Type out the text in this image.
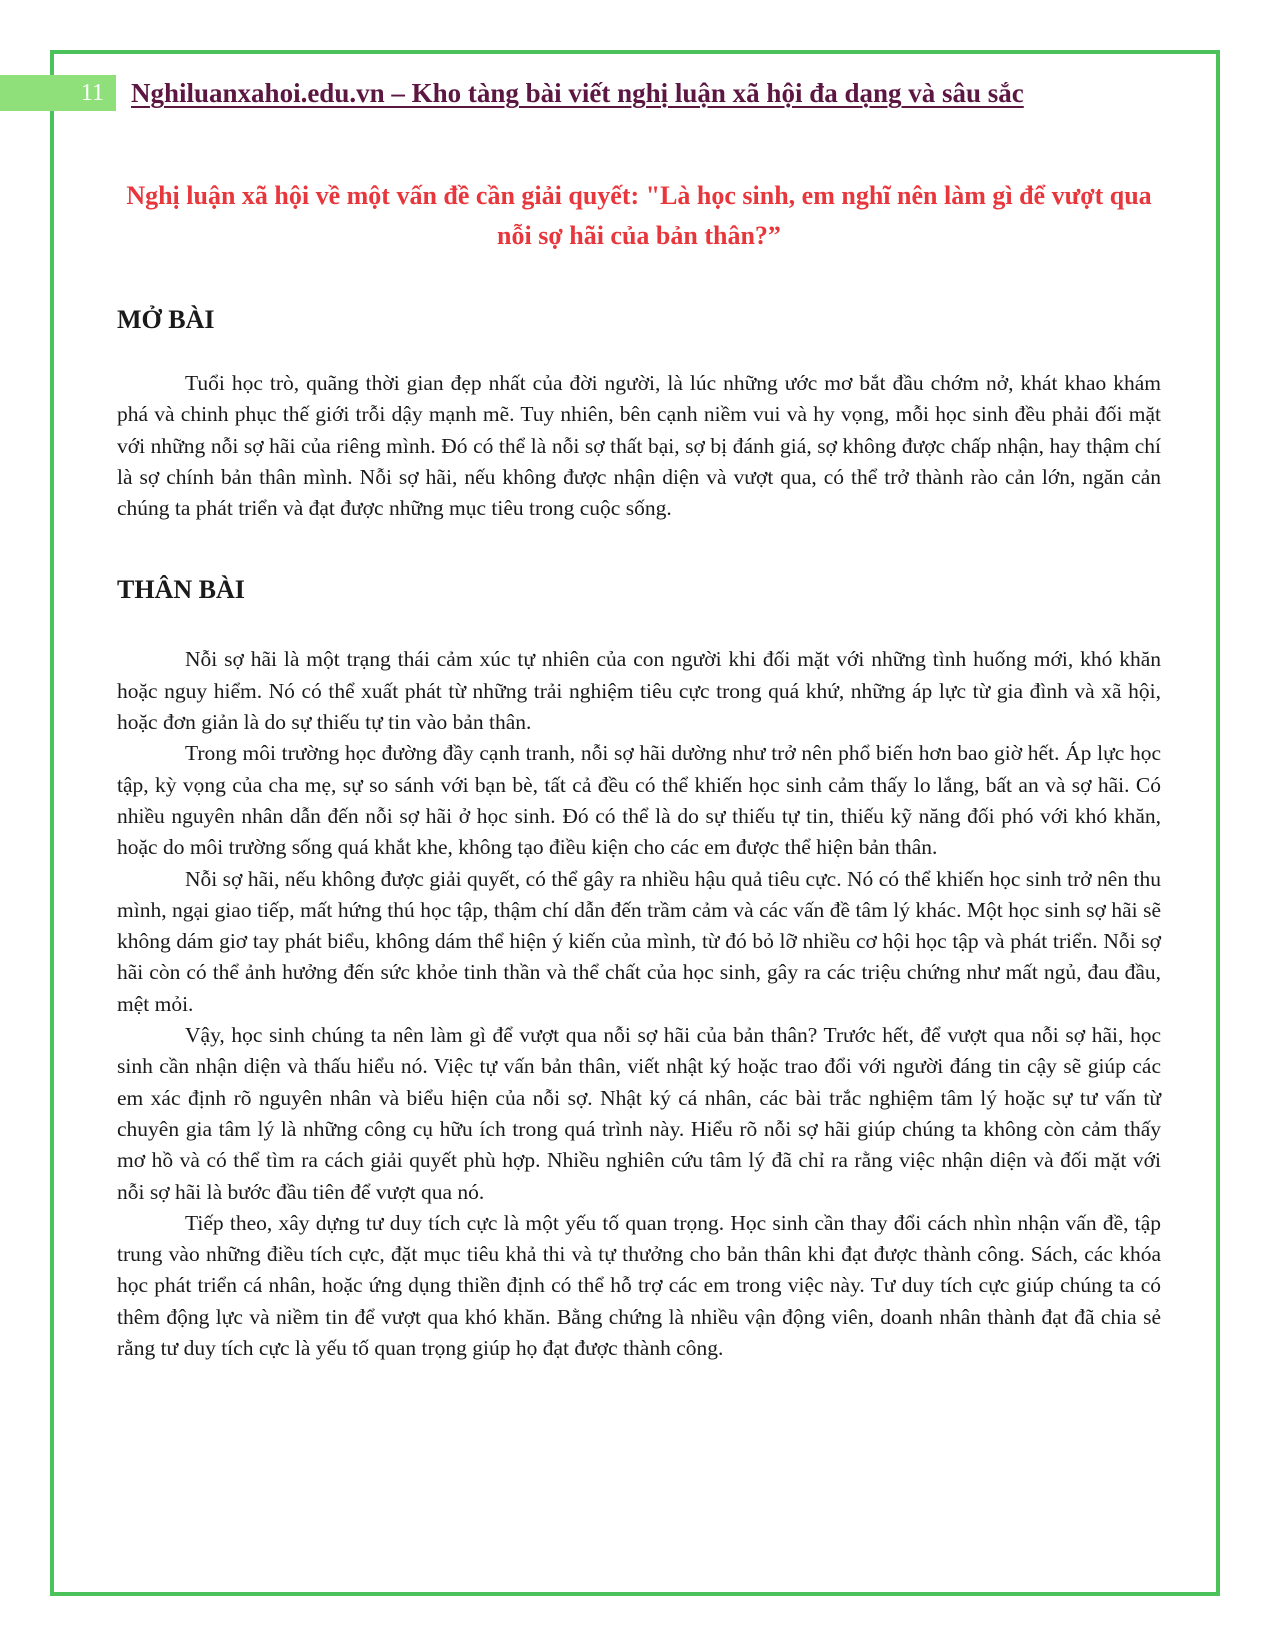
11	Nghiluanxahoi.edu.vn – Kho tàng bài viết nghị luận xã hội đa dạng và sâu sắc
Nghị luận xã hội về một vấn đề cần giải quyết: "Là học sinh, em nghĩ nên làm gì để vượt qua nỗi sợ hãi của bản thân?”
MỞ BÀI

Tuổi học trò, quãng thời gian đẹp nhất của đời người, là lúc những ước mơ bắt đầu chớm nở, khát khao khám phá và chinh phục thế giới trỗi dậy mạnh mẽ. Tuy nhiên, bên cạnh niềm vui và hy vọng, mỗi học sinh đều phải đối mặt với những nỗi sợ hãi của riêng mình. Đó có thể là nỗi sợ thất bại, sợ bị đánh giá, sợ không được chấp nhận, hay thậm chí là sợ chính bản thân mình. Nỗi sợ hãi, nếu không được nhận diện và vượt qua, có thể trở thành rào cản lớn, ngăn cản chúng ta phát triển và đạt được những mục tiêu trong cuộc sống.

THÂN BÀI

Nỗi sợ hãi là một trạng thái cảm xúc tự nhiên của con người khi đối mặt với những tình huống mới, khó khăn hoặc nguy hiểm. Nó có thể xuất phát từ những trải nghiệm tiêu cực trong quá khứ, những áp lực từ gia đình và xã hội, hoặc đơn giản là do sự thiếu tự tin vào bản thân.

Trong môi trường học đường đầy cạnh tranh, nỗi sợ hãi dường như trở nên phổ biến hơn bao giờ hết. Áp lực học tập, kỳ vọng của cha mẹ, sự so sánh với bạn bè, tất cả đều có thể khiến học sinh cảm thấy lo lắng, bất an và sợ hãi. Có nhiều nguyên nhân dẫn đến nỗi sợ hãi ở học sinh. Đó có thể là do sự thiếu tự tin, thiếu kỹ năng đối phó với khó khăn, hoặc do môi trường sống quá khắt khe, không tạo điều kiện cho các em được thể hiện bản thân.

Nỗi sợ hãi, nếu không được giải quyết, có thể gây ra nhiều hậu quả tiêu cực. Nó có thể khiến học sinh trở nên thu mình, ngại giao tiếp, mất hứng thú học tập, thậm chí dẫn đến trầm cảm và các vấn đề tâm lý khác. Một học sinh sợ hãi sẽ không dám giơ tay phát biểu, không dám thể hiện ý kiến của mình, từ đó bỏ lỡ nhiều cơ hội học tập và phát triển. Nỗi sợ hãi còn có thể ảnh hưởng đến sức khỏe tinh thần và thể chất của học sinh, gây ra các triệu chứng như mất ngủ, đau đầu, mệt mỏi.

Vậy, học sinh chúng ta nên làm gì để vượt qua nỗi sợ hãi của bản thân? Trước hết, để vượt qua nỗi sợ hãi, học sinh cần nhận diện và thấu hiểu nó. Việc tự vấn bản thân, viết nhật ký hoặc trao đổi với người đáng tin cậy sẽ giúp các em xác định rõ nguyên nhân và biểu hiện của nỗi sợ. Nhật ký cá nhân, các bài trắc nghiệm tâm lý hoặc sự tư vấn từ chuyên gia tâm lý là những công cụ hữu ích trong quá trình này. Hiểu rõ nỗi sợ hãi giúp chúng ta không còn cảm thấy mơ hồ và có thể tìm ra cách giải quyết phù hợp. Nhiều nghiên cứu tâm lý đã chỉ ra rằng việc nhận diện và đối mặt với nỗi sợ hãi là bước đầu tiên để vượt qua nó.

Tiếp theo, xây dựng tư duy tích cực là một yếu tố quan trọng. Học sinh cần thay đổi cách nhìn nhận vấn đề, tập trung vào những điều tích cực, đặt mục tiêu khả thi và tự thưởng cho bản thân khi đạt được thành công. Sách, các khóa học phát triển cá nhân, hoặc ứng dụng thiền định có thể hỗ trợ các em trong việc này. Tư duy tích cực giúp chúng ta có thêm động lực và niềm tin để vượt qua khó khăn. Bằng chứng là nhiều vận động viên, doanh nhân thành đạt đã chia sẻ rằng tư duy tích cực là yếu tố quan trọng giúp họ đạt được thành công.
